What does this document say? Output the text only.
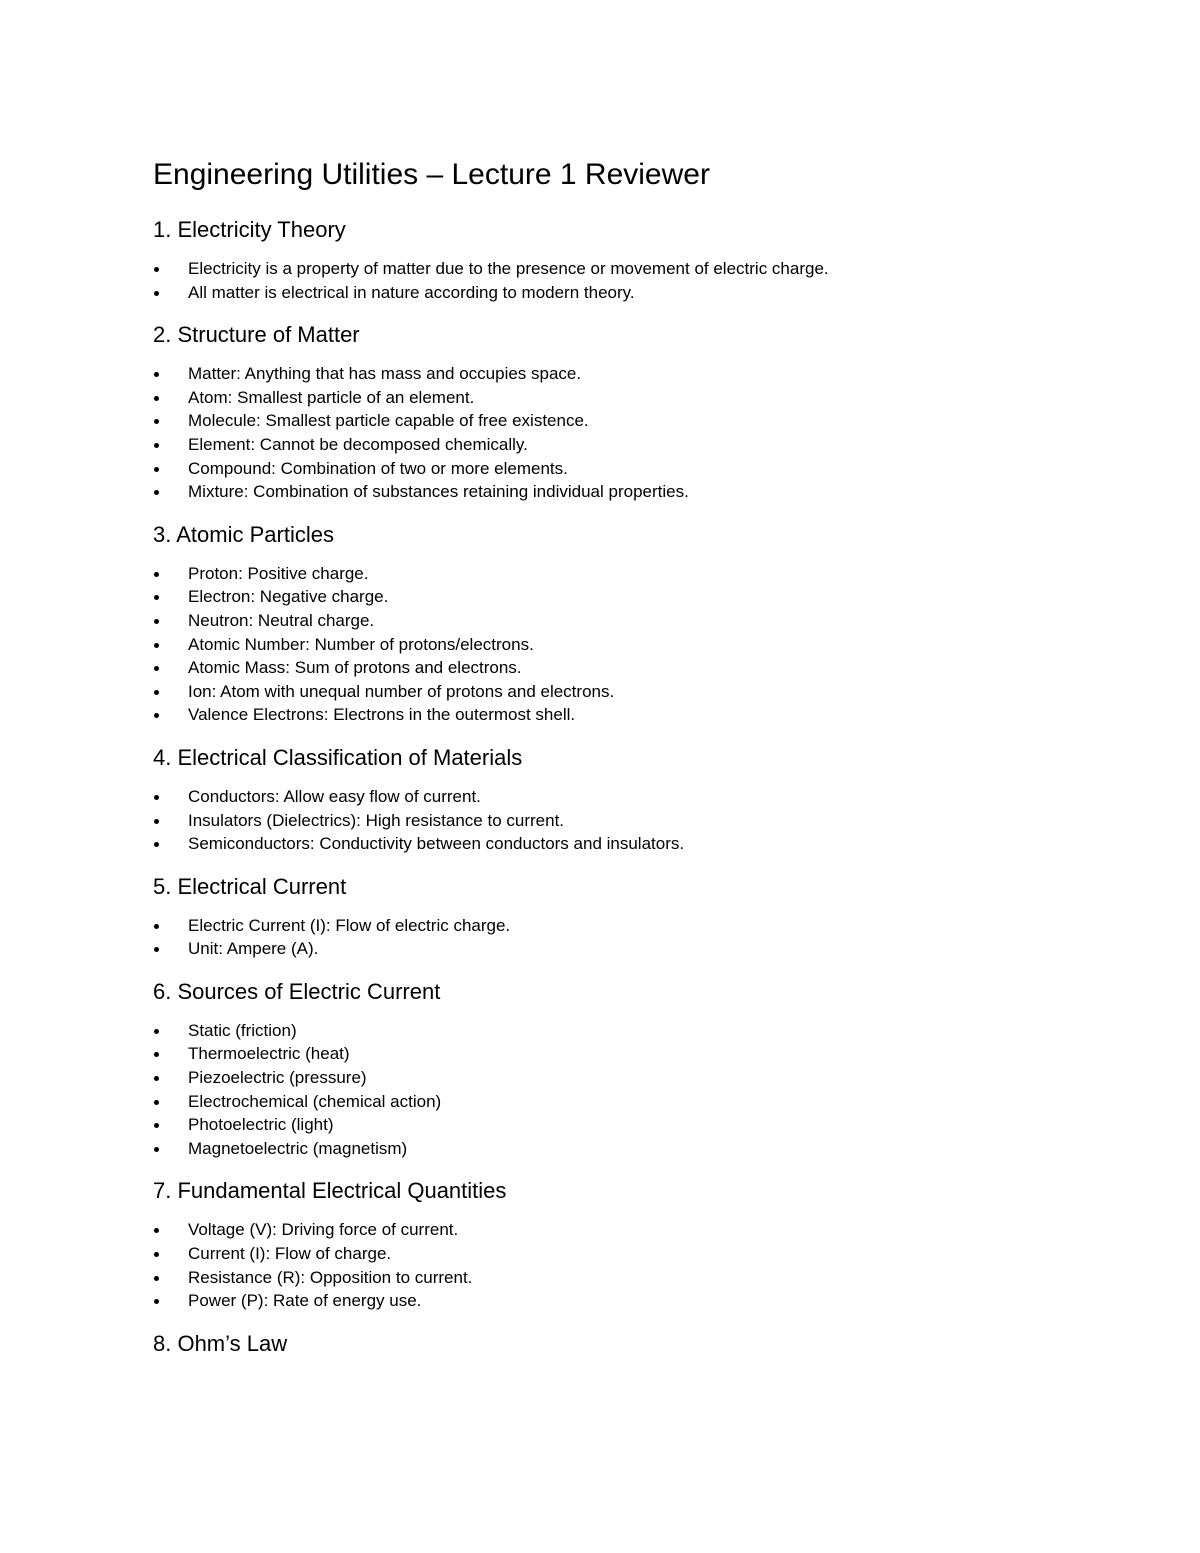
Engineering Utilities – Lecture 1 Reviewer
1. Electricity Theory
Electricity is a property of matter due to the presence or movement of electric charge.
All matter is electrical in nature according to modern theory.
2. Structure of Matter
Matter: Anything that has mass and occupies space.
Atom: Smallest particle of an element.
Molecule: Smallest particle capable of free existence.
Element: Cannot be decomposed chemically.
Compound: Combination of two or more elements.
Mixture: Combination of substances retaining individual properties.
3. Atomic Particles
Proton: Positive charge.
Electron: Negative charge.
Neutron: Neutral charge.
Atomic Number: Number of protons/electrons.
Atomic Mass: Sum of protons and electrons.
Ion: Atom with unequal number of protons and electrons.
Valence Electrons: Electrons in the outermost shell.
4. Electrical Classification of Materials
Conductors: Allow easy flow of current.
Insulators (Dielectrics): High resistance to current.
Semiconductors: Conductivity between conductors and insulators.
5. Electrical Current
Electric Current (I): Flow of electric charge.
Unit: Ampere (A).
6. Sources of Electric Current
Static (friction)
Thermoelectric (heat)
Piezoelectric (pressure)
Electrochemical (chemical action)
Photoelectric (light)
Magnetoelectric (magnetism)
7. Fundamental Electrical Quantities
Voltage (V): Driving force of current.
Current (I): Flow of charge.
Resistance (R): Opposition to current.
Power (P): Rate of energy use.
8. Ohm’s Law
